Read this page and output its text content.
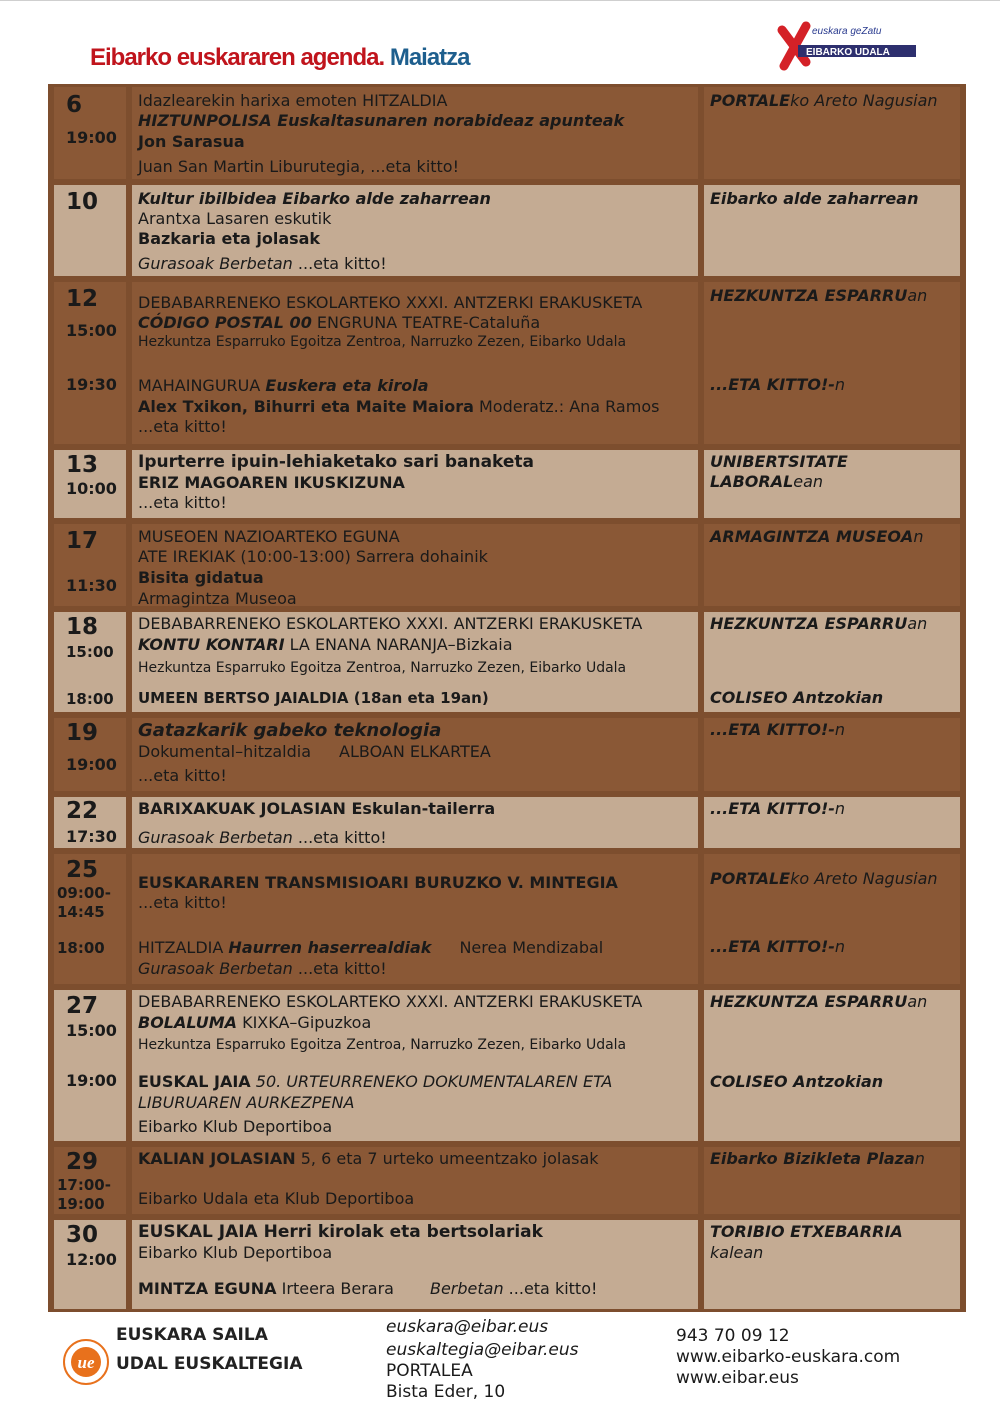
Eibarko euskararen agenda. Maiatza
euskara geZatu
EIBARKO UDALA
6
19:00
Idazlearekin harixa emoten HITZALDIA
HIZTUNPOLISA Euskaltasunaren norabideaz apunteak
Jon Sarasua
Juan San Martin Liburutegia, ...eta kitto!
PORTALEko Areto Nagusian
10 Kultur ibilbidea Eibarko alde zaharrean
Arantxa Lasaren eskutik
Bazkaria eta jolasak
Gurasoak Berbetan ...eta kitto!
Eibarko alde zaharrean
12
15:00
19:30
DEBABARRENEKO ESKOLARTEKO XXXI. ANTZERKI ERAKUSKETA
CÓDIGO POSTAL 00 ENGRUNA TEATRE-Cataluña
Hezkuntza Esparruko Egoitza Zentroa, Narruzko Zezen, Eibarko Udala
MAHAINGURUA Euskera eta kirola
Alex Txikon, Bihurri eta Maite Maiora Moderatz.: Ana Ramos
...eta kitto!
HEZKUNTZA ESPARRUan
...ETA KITTO!-n
13
10:00
Ipurterre ipuin-lehiaketako sari banaketa
ERIZ MAGOAREN IKUSKIZUNA
...eta kitto!
UNIBERTSITATE
LABORALean
17
11:30
MUSEOEN NAZIOARTEKO EGUNA
ATE IREKIAK (10:00-13:00) Sarrera dohainik
Bisita gidatua
Armagintza Museoa
ARMAGINTZA MUSEOAn
18
15:00
18:00
DEBABARRENEKO ESKOLARTEKO XXXI. ANTZERKI ERAKUSKETA
KONTU KONTARI LA ENANA NARANJA–Bizkaia
Hezkuntza Esparruko Egoitza Zentroa, Narruzko Zezen, Eibarko Udala
UMEEN BERTSO JAIALDIA (18an eta 19an)
HEZKUNTZA ESPARRUan
COLISEO Antzokian
19
19:00
Gatazkarik gabeko teknologia
Dokumental–hitzaldia ALBOAN ELKARTEA
...eta kitto!
...ETA KITTO!-n
22
17:30
BARIXAKUAK JOLASIAN Eskulan-tailerra
Gurasoak Berbetan ...eta kitto!
...ETA KITTO!-n
25
09:00-
14:45
18:00
EUSKARAREN TRANSMISIOARI BURUZKO V. MINTEGIA
...eta kitto!
HITZALDIA Haurren haserrealdiak Nerea Mendizabal
Gurasoak Berbetan ...eta kitto!
PORTALEko Areto Nagusian
...ETA KITTO!-n
27
15:00
19:00
DEBABARRENEKO ESKOLARTEKO XXXI. ANTZERKI ERAKUSKETA
BOLALUMA KIXKA–Gipuzkoa
Hezkuntza Esparruko Egoitza Zentroa, Narruzko Zezen, Eibarko Udala
EUSKAL JAIA 50. URTEURRENEKO DOKUMENTALAREN ETA
LIBURUAREN AURKEZPENA
Eibarko Klub Deportiboa
HEZKUNTZA ESPARRUan
COLISEO Antzokian
29
17:00-
19:00
KALIAN JOLASIAN 5, 6 eta 7 urteko umeentzako jolasak
Eibarko Udala eta Klub Deportiboa
Eibarko Bizikleta Plazan
30
12:00
EUSKAL JAIA Herri kirolak eta bertsolariak
Eibarko Klub Deportiboa
MINTZA EGUNA Irteera Berara Berbetan ...eta kitto!
TORIBIO ETXEBARRIA
kalean
ue
EUSKARA SAILA
UDAL EUSKALTEGIA
euskara@eibar.eus
euskaltegia@eibar.eus
PORTALEA
Bista Eder, 10
943 70 09 12
www.eibarko-euskara.com
www.eibar.eus
